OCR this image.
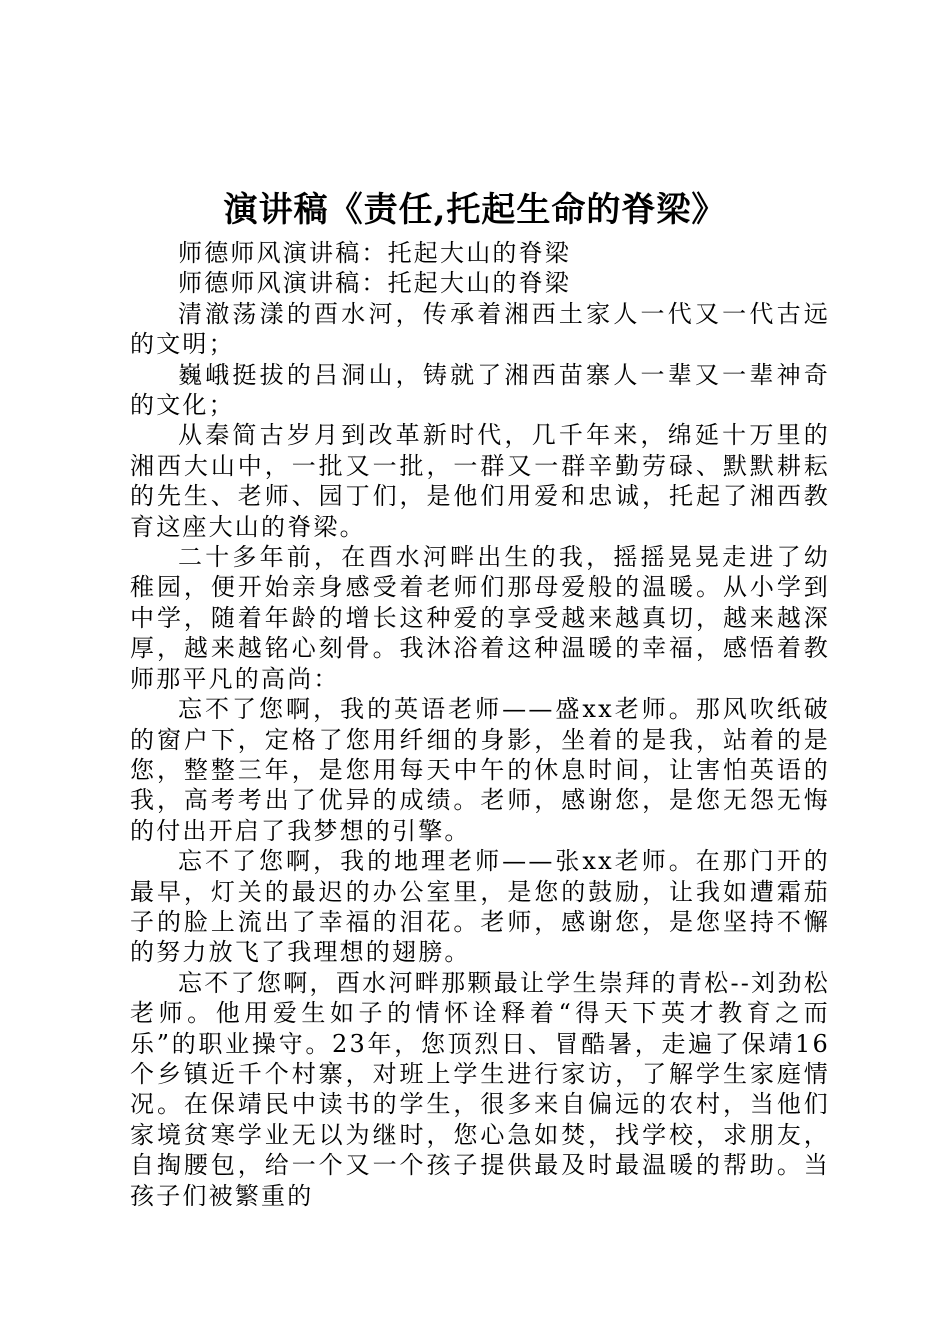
演讲稿《责任,托起生命的脊梁》

师德师风演讲稿：托起大山的脊梁

师德师风演讲稿：托起大山的脊梁

清澈荡漾的酉水河，传承着湘西土家人一代又一代古远的文明；

巍峨挺拔的吕洞山，铸就了湘西苗寨人一辈又一辈神奇的文化；

从秦简古岁月到改革新时代，几千年来，绵延十万里的湘西大山中，一批又一批，一群又一群辛勤劳碌、默默耕耘的先生、老师、园丁们，是他们用爱和忠诚，托起了湘西教育这座大山的脊梁。

二十多年前，在酉水河畔出生的我，摇摇晃晃走进了幼稚园，便开始亲身感受着老师们那母爱般的温暖。从小学到中学，随着年龄的增长这种爱的享受越来越真切，越来越深厚，越来越铭心刻骨。我沐浴着这种温暖的幸福，感悟着教师那平凡的高尚：

忘不了您啊，我的英语老师——盛xx老师。那风吹纸破的窗户下，定格了您用纤细的身影，坐着的是我，站着的是您，整整三年，是您用每天中午的休息时间，让害怕英语的我，高考考出了优异的成绩。老师，感谢您，是您无怨无悔的付出开启了我梦想的引擎。

忘不了您啊，我的地理老师——张xx老师。在那门开的最早，灯关的最迟的办公室里，是您的鼓励，让我如遭霜茄子的脸上流出了幸福的泪花。老师，感谢您，是您坚持不懈的努力放飞了我理想的翅膀。

忘不了您啊，酉水河畔那颗最让学生崇拜的青松--刘劲松老师。他用爱生如子的情怀诠释着“得天下英才教育之而乐”的职业操守。23年，您顶烈日、冒酷暑，走遍了保靖16个乡镇近千个村寨，对班上学生进行家访，了解学生家庭情况。在保靖民中读书的学生，很多来自偏远的农村，当他们家境贫寒学业无以为继时，您心急如焚，找学校，求朋友，自掏腰包，给一个又一个孩子提供最及时最温暖的帮助。当孩子们被繁重的
